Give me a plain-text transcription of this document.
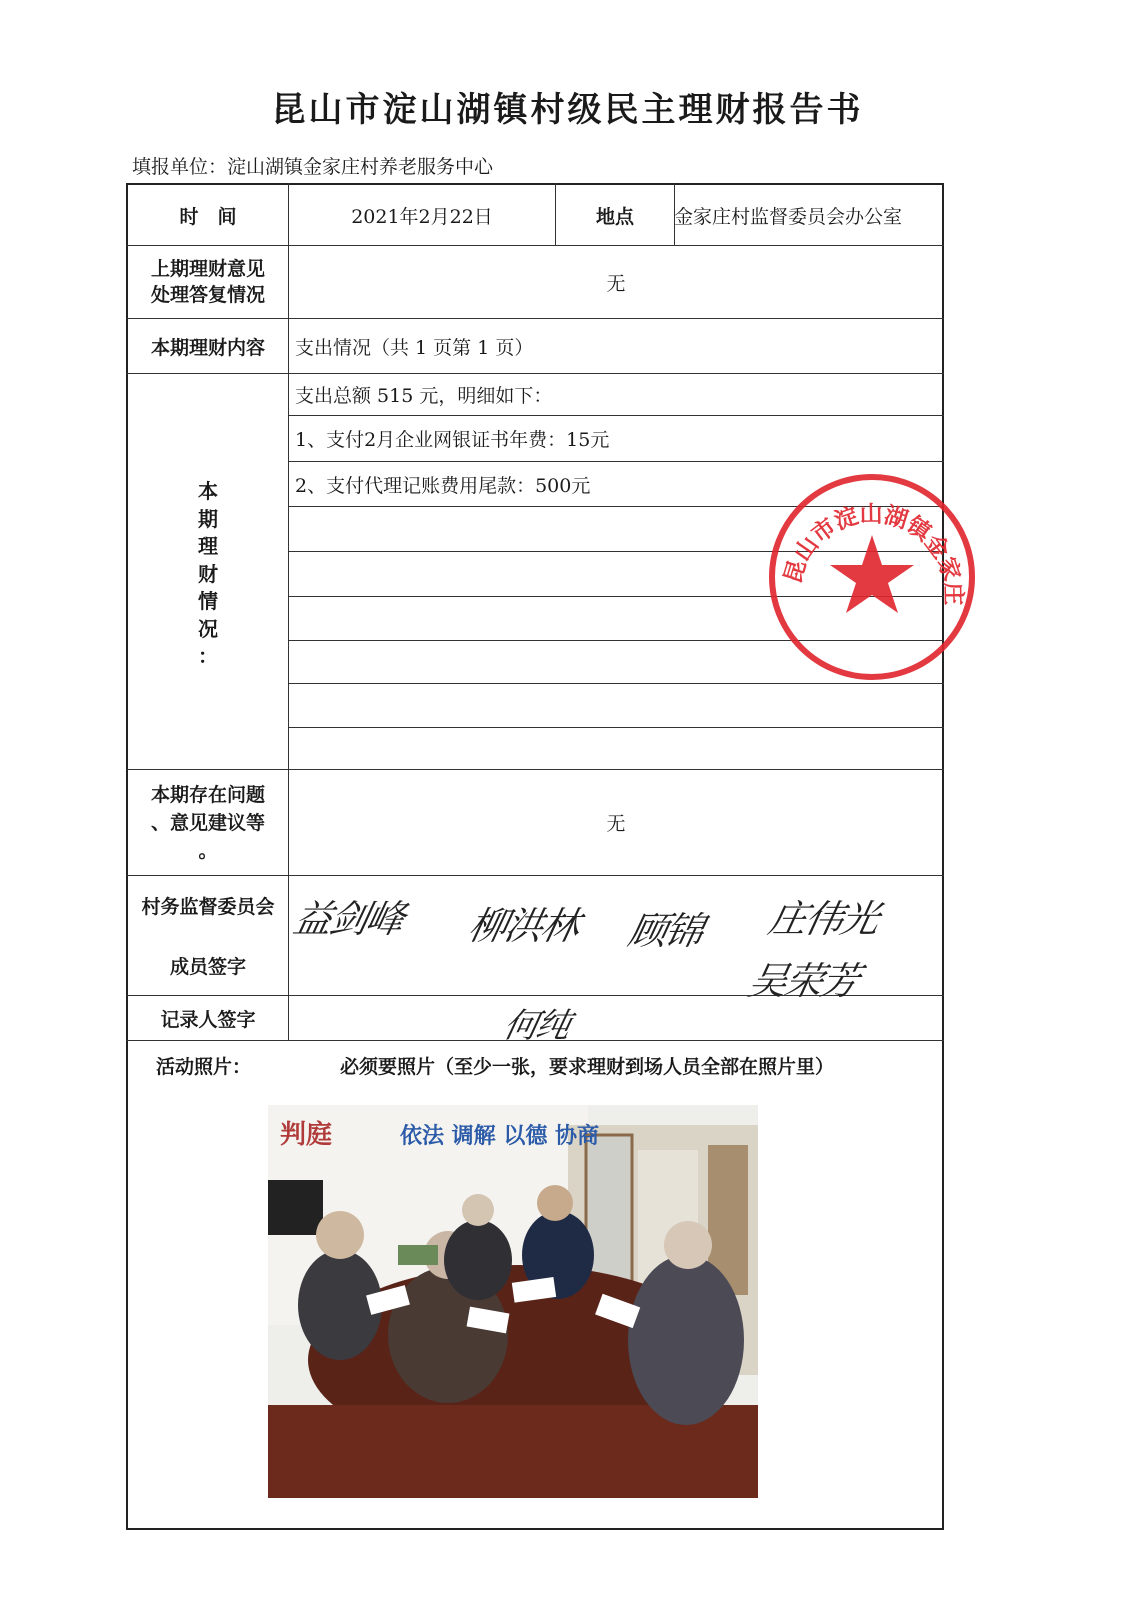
昆山市淀山湖镇村级民主理财报告书
填报单位：淀山湖镇金家庄村养老服务中心
时　间	2021年2月22日	地点	金家庄村监督委员会办公室
上期理财意见
处理答复情况
无
本期理财内容	支出情况（共 1 页第 1 页）
本
期
理
财
情
况
：
支出总额 515 元，明细如下：
1、支付2月企业网银证书年费：15元
2、支付代理记账费用尾款：500元
本期存在问题
、意见建议等
。
无
村务监督委员会
成员签字
益剑峰 柳洪林 顾锦 庄伟光
吴荣芳
记录人签字	何纯
活动照片：	必须要照片（至少一张，要求理财到场人员全部在照片里）
昆山市淀山湖镇金家庄
判庭	依法 调解 以德 协商
